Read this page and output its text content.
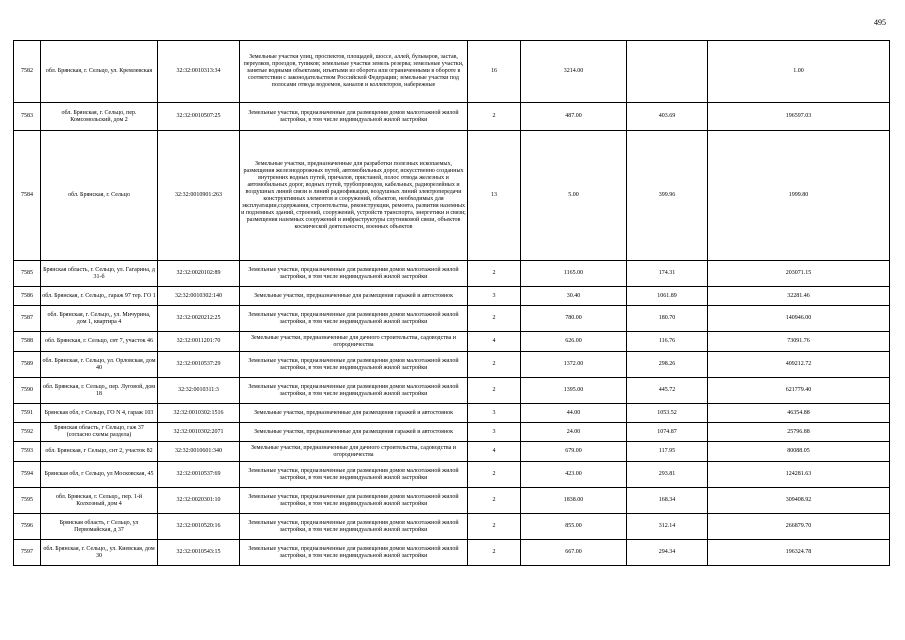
495
7582	обл. Брянская, г. Сельцо, ул. Кремлевская	32:32:0010313:34	Земельные участки улиц, проспектов, площадей, шоссе, аллей, бульваров, застав, переулков, проездов, тупиков; земельные участки земель резерва; земельные участки, занятые водными объектами, изъятыми из оборота или ограниченными в обороте в соответствии с законодательством Российской Федерации; земельные участки под полосами отвода водоемов, каналов и коллекторов, набережные	16	3214.00		1.00
7583	обл. Брянская, г. Сельцо, пер. Комсомольский, дом 2	32:32:0010507:25	Земельные участки, предназначенные для размещения домов малоэтажной жилой застройки, в том числе индивидуальной жилой застройки	2	487.00	403.69	196597.03
7584	обл. Брянская, г. Сельцо	32:32:0010901:263	Земельные участки, предназначенные для разработки полезных ископаемых, размещения железнодорожных путей, автомобильных дорог, искусственно созданных внутренних водных путей, причалов, пристаней, полос отвода железных и автомобильных дорог, водных путей, трубопроводов, кабельных, радиорелейных и воздушных линий связи и линий радиофикации, воздушных линий электропередачи конструктивных элементов и сооружений, объектов, необходимых для эксплуатации,содержания, строительства, реконструкции, ремонта, развития наземных и подземных зданий, строений, сооружений, устройств транспорта, энергетики и связи; размещения наземных сооружений и инфраструктуры спутниковой связи, объектов космической деятельности, военных объектов	13	5.00	399.96	1999.80
7585	Брянская область, г. Сельцо, ул. Гагарина, д 31-б	32:32:0020102:89	Земельные участки, предназначенные для размещения домов малоэтажной жилой застройки, в том числе индивидуальной жилой застройки	2	1165.00	174.31	203071.15
7586	обл. Брянская, г. Сельцо,, гараж 97 тер. ГО 1	32:32:0010302:140	Земельные участки, предназначенные для размещения гаражей и автостоянок	3	30.40	1061.89	32281.46
7587	обл. Брянская, г. Сельцо,, ул. Мичурина, дом 1, квартира 4	32:32:0020212:25	Земельные участки, предназначенные для размещения домов малоэтажной жилой застройки, в том числе индивидуальной жилой застройки	2	780.00	180.70	140946.00
7588	обл. Брянская, г. Сельцо, снт 7, участок 46	32:32:0011201:70	Земельные участки, предназначенные для дачного строительства, садоводства и огородничества	4	626.00	116.76	73091.76
7589	обл. Брянская, г. Сельцо, ул. Орловская, дом 40	32:32:0010537:29	Земельные участки, предназначенные для размещения домов малоэтажной жилой застройки, в том числе индивидуальной жилой застройки	2	1372.00	298.26	409212.72
7590	обл. Брянская, г. Сельцо,, пер. Луговой, дом 18	32:32:0010311:3	Земельные участки, предназначенные для размещения домов малоэтажной жилой застройки, в том числе индивидуальной жилой застройки	2	1395.00	445.72	621779.40
7591	Брянская обл, г Сельцо, ГО N 4, гараж 103	32:32:0010302:1516	Земельные участки, предназначенные для размещения гаражей и автостоянок	3	44.00	1053.52	46354.88
7592	Брянская область, г Сельцо, гаж 37 (согласно схемы раздела)	32:32:0010302:2071	Земельные участки, предназначенные для размещения гаражей и автостоянок	3	24.00	1074.87	25796.88
7593	обл. Брянская, г Сельцо, снт 2, участок 82	32:32:0010601:340	Земельные участки, предназначенные для дачного строительства, садоводства и огородничества	4	679.00	117.95	80088.05
7594	Брянская обл, г Сельцо, ул Московская, 45	32:32:0010537:69	Земельные участки, предназначенные для размещения домов малоэтажной жилой застройки, в том числе индивидуальной жилой застройки	2	423.00	293.81	124281.63
7595	обл. Брянская, г. Сельцо,, пер. 1-й Колхозный, дом 4	32:32:0020301:10	Земельные участки, предназначенные для размещения домов малоэтажной жилой застройки, в том числе индивидуальной жилой застройки	2	1838.00	168.34	309408.92
7596	Брянская область, г Сельцо, ул Первомайская, д 37	32:32:0010520:16	Земельные участки, предназначенные для размещения домов малоэтажной жилой застройки, в том числе индивидуальной жилой застройки	2	855.00	312.14	266879.70
7597	обл. Брянская, г. Сельцо,, ул. Киевская, дом 30	32:32:0010543:15	Земельные участки, предназначенные для размещения домов малоэтажной жилой застройки, в том числе индивидуальной жилой застройки	2	667.00	294.34	196324.78
